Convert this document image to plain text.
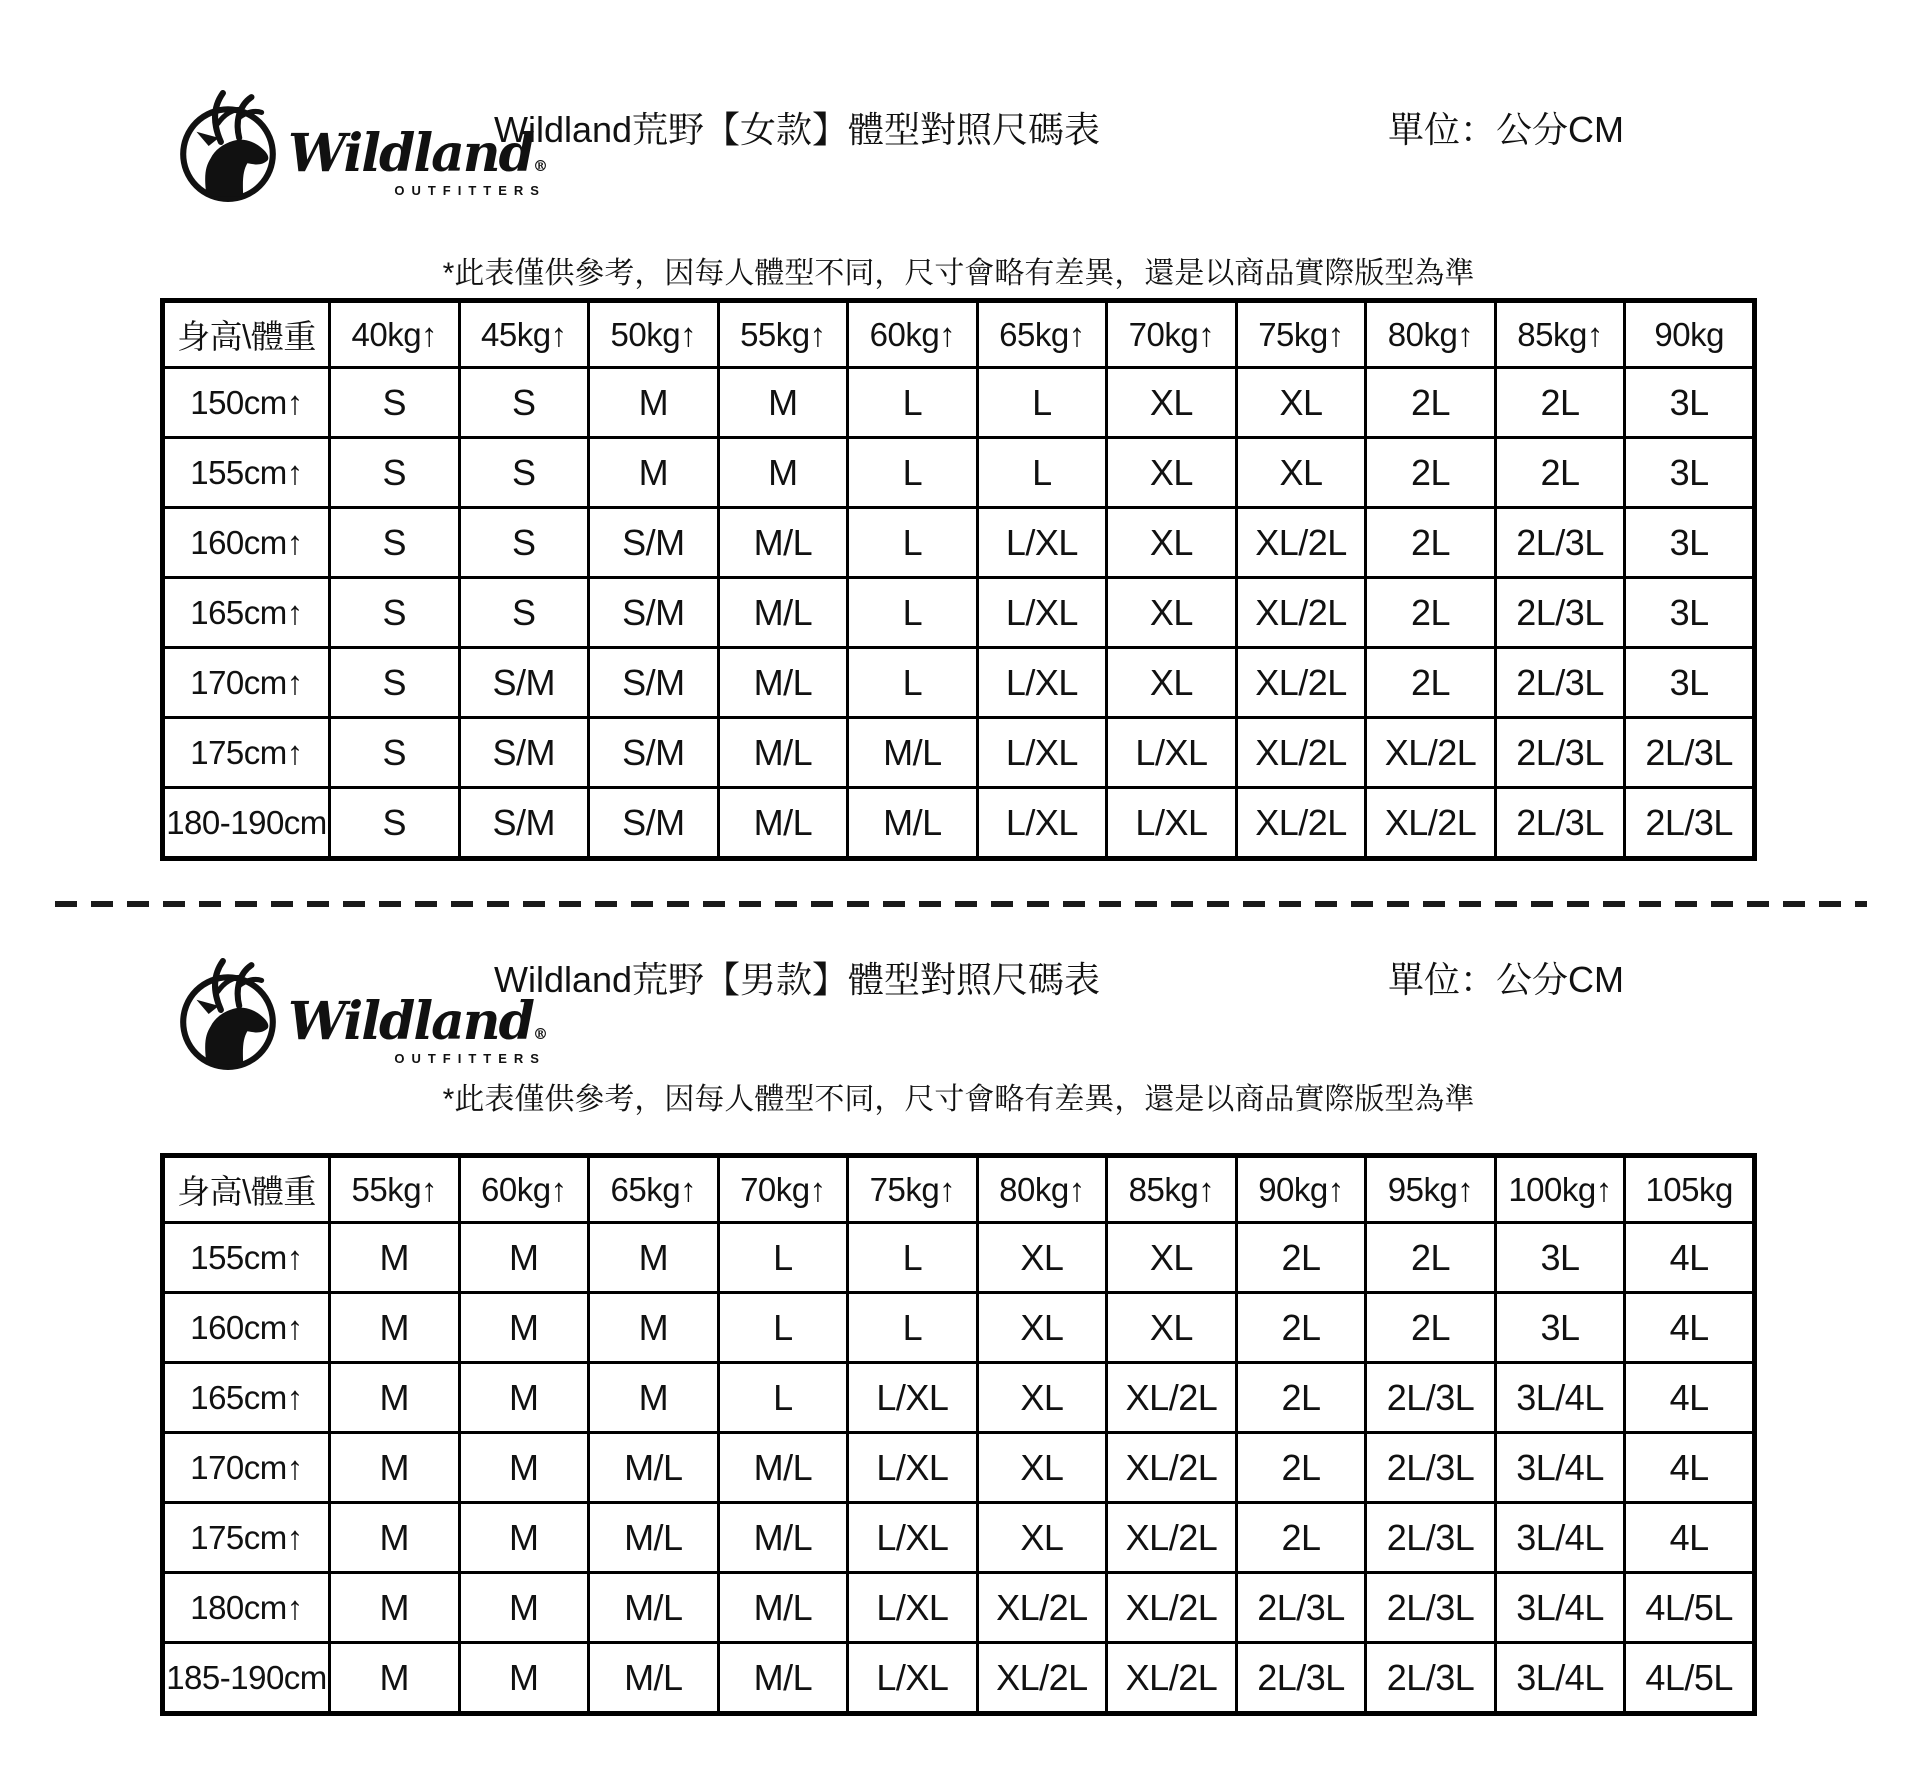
Wildland®
OUTFITTERS
Wildland荒野【女款】體型對照尺碼表	單位：公分CM

*此表僅供參考，因每人體型不同，尺寸會略有差異，還是以商品實際版型為準

身高\體重	40kg↑	45kg↑	50kg↑	55kg↑	60kg↑	65kg↑	70kg↑	75kg↑	80kg↑	85kg↑	90kg
150cm↑	S	S	M	M	L	L	XL	XL	2L	2L	3L
155cm↑	S	S	M	M	L	L	XL	XL	2L	2L	3L
160cm↑	S	S	S/M	M/L	L	L/XL	XL	XL/2L	2L	2L/3L	3L
165cm↑	S	S	S/M	M/L	L	L/XL	XL	XL/2L	2L	2L/3L	3L
170cm↑	S	S/M	S/M	M/L	L	L/XL	XL	XL/2L	2L	2L/3L	3L
175cm↑	S	S/M	S/M	M/L	M/L	L/XL	L/XL	XL/2L	XL/2L	2L/3L	2L/3L
180-190cm	S	S/M	S/M	M/L	M/L	L/XL	L/XL	XL/2L	XL/2L	2L/3L	2L/3L
Wildland®
OUTFITTERS
Wildland荒野【男款】體型對照尺碼表	單位：公分CM

*此表僅供參考，因每人體型不同，尺寸會略有差異，還是以商品實際版型為準

身高\體重	55kg↑	60kg↑	65kg↑	70kg↑	75kg↑	80kg↑	85kg↑	90kg↑	95kg↑	100kg↑	105kg
155cm↑	M	M	M	L	L	XL	XL	2L	2L	3L	4L
160cm↑	M	M	M	L	L	XL	XL	2L	2L	3L	4L
165cm↑	M	M	M	L	L/XL	XL	XL/2L	2L	2L/3L	3L/4L	4L
170cm↑	M	M	M/L	M/L	L/XL	XL	XL/2L	2L	2L/3L	3L/4L	4L
175cm↑	M	M	M/L	M/L	L/XL	XL	XL/2L	2L	2L/3L	3L/4L	4L
180cm↑	M	M	M/L	M/L	L/XL	XL/2L	XL/2L	2L/3L	2L/3L	3L/4L	4L/5L
185-190cm	M	M	M/L	M/L	L/XL	XL/2L	XL/2L	2L/3L	2L/3L	3L/4L	4L/5L
